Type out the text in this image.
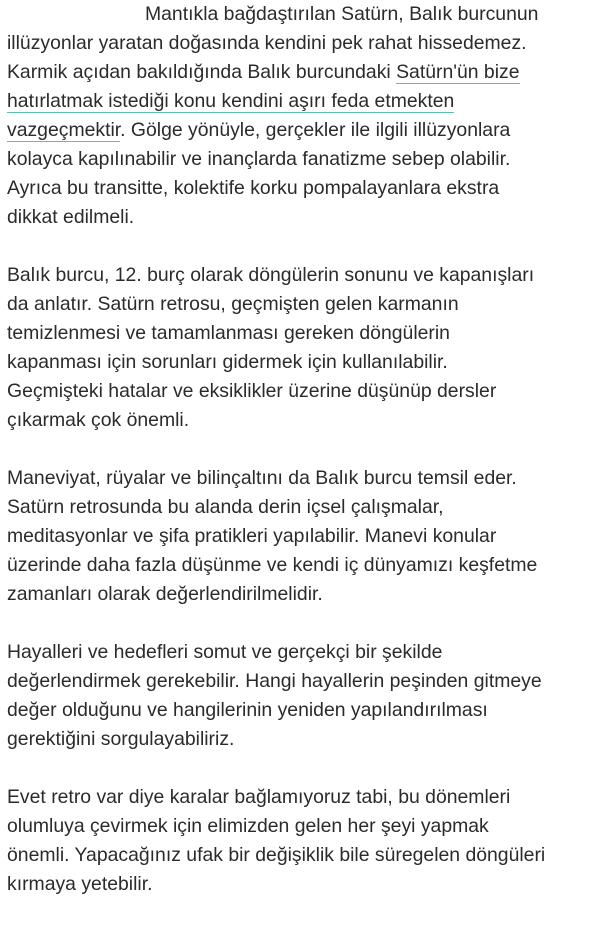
Mantıkla bağdaştırılan Satürn, Balık burcunun
illüzyonlar yaratan doğasında kendini pek rahat hissedemez.
Karmik açıdan bakıldığında Balık burcundaki Satürn'ün bize
hatırlatmak istediği konu kendini aşırı feda etmekten
vazgeçmektir. Gölge yönüyle, gerçekler ile ilgili illüzyonlara
kolayca kapılınabilir ve inançlarda fanatizme sebep olabilir.
Ayrıca bu transitte, kolektife korku pompalayanlara ekstra
dikkat edilmeli.
Balık burcu, 12. burç olarak döngülerin sonunu ve kapanışları
da anlatır. Satürn retrosu, geçmişten gelen karmanın
temizlenmesi ve tamamlanması gereken döngülerin
kapanması için sorunları gidermek için kullanılabilir.
Geçmişteki hatalar ve eksiklikler üzerine düşünüp dersler
çıkarmak çok önemli.
Maneviyat, rüyalar ve bilinçaltını da Balık burcu temsil eder.
Satürn retrosunda bu alanda derin içsel çalışmalar,
meditasyonlar ve şifa pratikleri yapılabilir. Manevi konular
üzerinde daha fazla düşünme ve kendi iç dünyamızı keşfetme
zamanları olarak değerlendirilmelidir.
Hayalleri ve hedefleri somut ve gerçekçi bir şekilde
değerlendirmek gerekebilir. Hangi hayallerin peşinden gitmeye
değer olduğunu ve hangilerinin yeniden yapılandırılması
gerektiğini sorgulayabiliriz.
Evet retro var diye karalar bağlamıyoruz tabi, bu dönemleri
olumluya çevirmek için elimizden gelen her şeyi yapmak
önemli. Yapacağınız ufak bir değişiklik bile süregelen döngüleri
kırmaya yetebilir.
